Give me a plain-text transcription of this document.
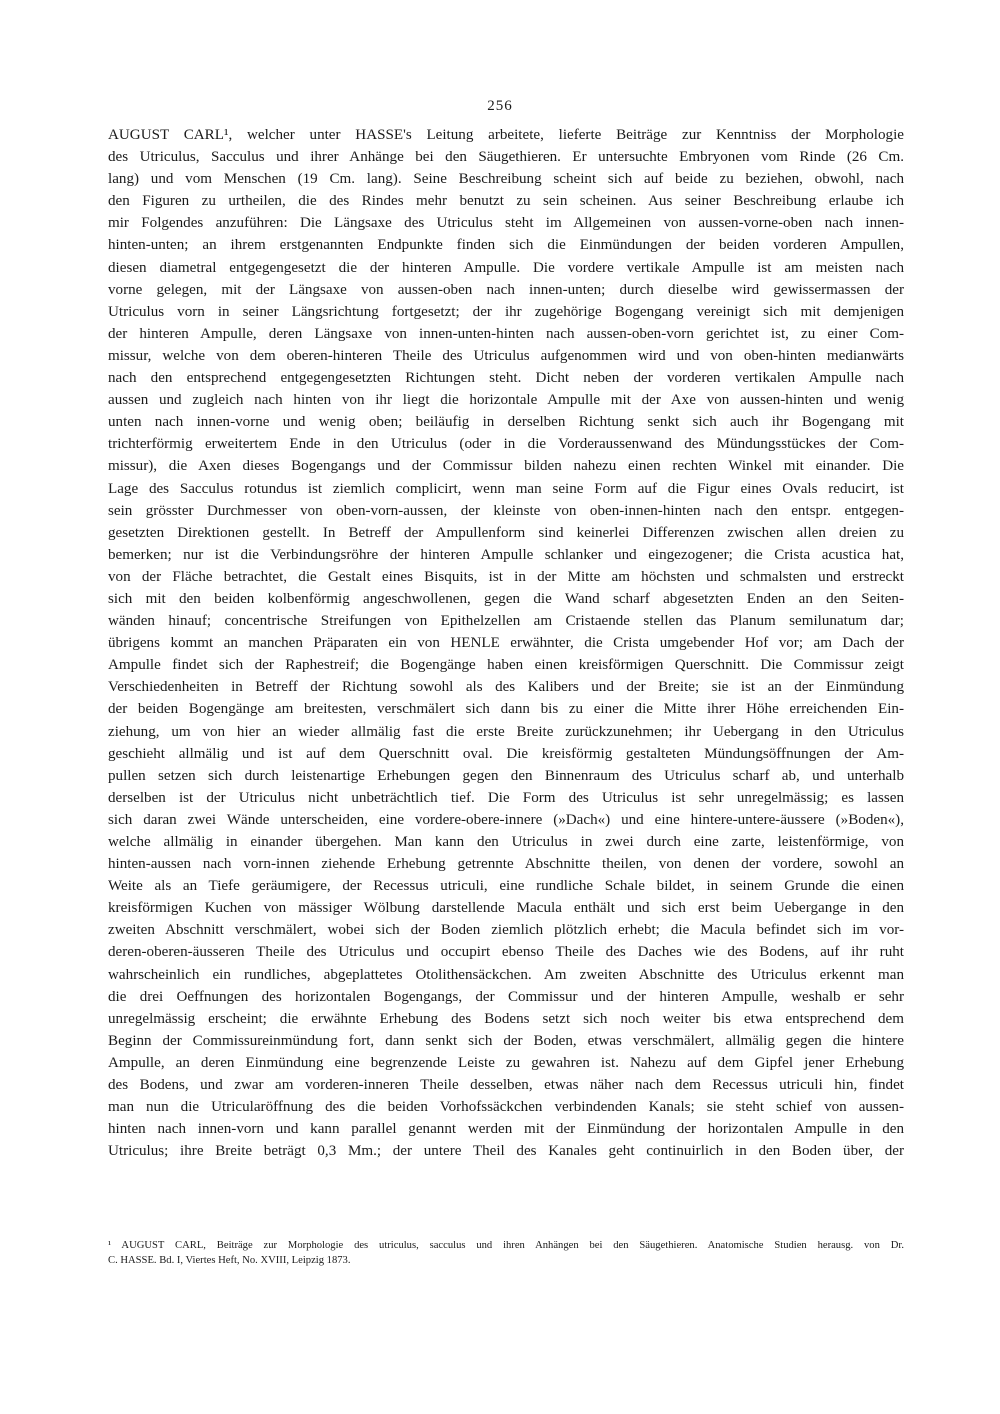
256
AUGUST CARL¹, welcher unter HASSE's Leitung arbeitete, lieferte Beiträge zur Kenntniss der Morphologie
des Utriculus, Sacculus und ihrer Anhänge bei den Säugethieren. Er untersuchte Embryonen vom Rinde (26 Cm.
lang) und vom Menschen (19 Cm. lang). Seine Beschreibung scheint sich auf beide zu beziehen, obwohl, nach
den Figuren zu urtheilen, die des Rindes mehr benutzt zu sein scheinen. Aus seiner Beschreibung erlaube ich
mir Folgendes anzuführen: Die Längsaxe des Utriculus steht im Allgemeinen von aussen-vorne-oben nach innen-
hinten-unten; an ihrem erstgenannten Endpunkte finden sich die Einmündungen der beiden vorderen Ampullen,
diesen diametral entgegengesetzt die der hinteren Ampulle. Die vordere vertikale Ampulle ist am meisten nach
vorne gelegen, mit der Längsaxe von aussen-oben nach innen-unten; durch dieselbe wird gewissermassen der
Utriculus vorn in seiner Längsrichtung fortgesetzt; der ihr zugehörige Bogengang vereinigt sich mit demjenigen
der hinteren Ampulle, deren Längsaxe von innen-unten-hinten nach aussen-oben-vorn gerichtet ist, zu einer Com-
missur, welche von dem oberen-hinteren Theile des Utriculus aufgenommen wird und von oben-hinten medianwärts
nach den entsprechend entgegengesetzten Richtungen steht. Dicht neben der vorderen vertikalen Ampulle nach
aussen und zugleich nach hinten von ihr liegt die horizontale Ampulle mit der Axe von aussen-hinten und wenig
unten nach innen-vorne und wenig oben; beiläufig in derselben Richtung senkt sich auch ihr Bogengang mit
trichterförmig erweitertem Ende in den Utriculus (oder in die Vorderaussenwand des Mündungsstückes der Com-
missur), die Axen dieses Bogengangs und der Commissur bilden nahezu einen rechten Winkel mit einander. Die
Lage des Sacculus rotundus ist ziemlich complicirt, wenn man seine Form auf die Figur eines Ovals reducirt, ist
sein grösster Durchmesser von oben-vorn-aussen, der kleinste von oben-innen-hinten nach den entspr. entgegen-
gesetzten Direktionen gestellt. In Betreff der Ampullenform sind keinerlei Differenzen zwischen allen dreien zu
bemerken; nur ist die Verbindungsröhre der hinteren Ampulle schlanker und eingezogener; die Crista acustica hat,
von der Fläche betrachtet, die Gestalt eines Bisquits, ist in der Mitte am höchsten und schmalsten und erstreckt
sich mit den beiden kolbenförmig angeschwollenen, gegen die Wand scharf abgesetzten Enden an den Seiten-
wänden hinauf; concentrische Streifungen von Epithelzellen am Cristaende stellen das Planum semilunatum dar;
übrigens kommt an manchen Präparaten ein von HENLE erwähnter, die Crista umgebender Hof vor; am Dach der
Ampulle findet sich der Raphestreif; die Bogengänge haben einen kreisförmigen Querschnitt. Die Commissur zeigt
Verschiedenheiten in Betreff der Richtung sowohl als des Kalibers und der Breite; sie ist an der Einmündung
der beiden Bogengänge am breitesten, verschmälert sich dann bis zu einer die Mitte ihrer Höhe erreichenden Ein-
ziehung, um von hier an wieder allmälig fast die erste Breite zurückzunehmen; ihr Uebergang in den Utriculus
geschieht allmälig und ist auf dem Querschnitt oval. Die kreisförmig gestalteten Mündungsöffnungen der Am-
pullen setzen sich durch leistenartige Erhebungen gegen den Binnenraum des Utriculus scharf ab, und unterhalb
derselben ist der Utriculus nicht unbeträchtlich tief. Die Form des Utriculus ist sehr unregelmässig; es lassen
sich daran zwei Wände unterscheiden, eine vordere-obere-innere (»Dach«) und eine hintere-untere-äussere (»Boden«),
welche allmälig in einander übergehen. Man kann den Utriculus in zwei durch eine zarte, leistenförmige, von
hinten-aussen nach vorn-innen ziehende Erhebung getrennte Abschnitte theilen, von denen der vordere, sowohl an
Weite als an Tiefe geräumigere, der Recessus utriculi, eine rundliche Schale bildet, in seinem Grunde die einen
kreisförmigen Kuchen von mässiger Wölbung darstellende Macula enthält und sich erst beim Uebergange in den
zweiten Abschnitt verschmälert, wobei sich der Boden ziemlich plötzlich erhebt; die Macula befindet sich im vor-
deren-oberen-äusseren Theile des Utriculus und occupirt ebenso Theile des Daches wie des Bodens, auf ihr ruht
wahrscheinlich ein rundliches, abgeplattetes Otolithensäckchen. Am zweiten Abschnitte des Utriculus erkennt man
die drei Oeffnungen des horizontalen Bogengangs, der Commissur und der hinteren Ampulle, weshalb er sehr
unregelmässig erscheint; die erwähnte Erhebung des Bodens setzt sich noch weiter bis etwa entsprechend dem
Beginn der Commissureinmündung fort, dann senkt sich der Boden, etwas verschmälert, allmälig gegen die hintere
Ampulle, an deren Einmündung eine begrenzende Leiste zu gewahren ist. Nahezu auf dem Gipfel jener Erhebung
des Bodens, und zwar am vorderen-inneren Theile desselben, etwas näher nach dem Recessus utriculi hin, findet
man nun die Utricularöffnung des die beiden Vorhofssäckchen verbindenden Kanals; sie steht schief von aussen-
hinten nach innen-vorn und kann parallel genannt werden mit der Einmündung der horizontalen Ampulle in den
Utriculus; ihre Breite beträgt 0,3 Mm.; der untere Theil des Kanales geht continuirlich in den Boden über, der
¹ AUGUST CARL, Beiträge zur Morphologie des utriculus, sacculus und ihren Anhängen bei den Säugethieren. Anatomische Studien herausg. von Dr.
C. HASSE. Bd. I, Viertes Heft, No. XVIII, Leipzig 1873.
